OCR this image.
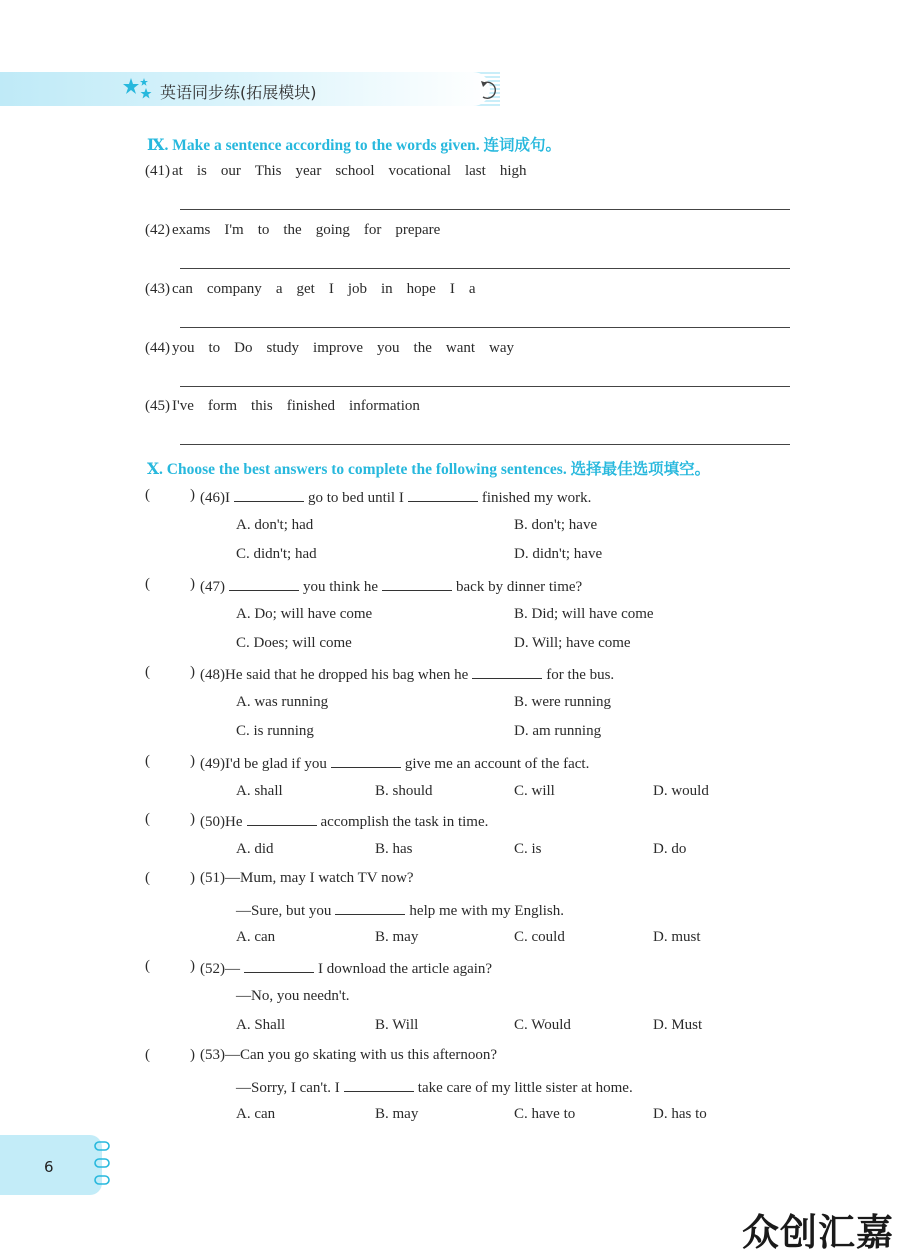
英语同步练(拓展模块)
Ⅸ. Make a sentence according to the words given. 连词成句。
(41) at is our This year school vocational last high
(42) exams I'm to the going for prepare
(43) can company a get I job in hope I a
(44) you to Do study improve you the want way
(45) I've form this finished information
Ⅹ. Choose the best answers to complete the following sentences. 选择最佳选项填空。
(	) (46)I	go to bed until I	finished my work.
A. don't; had	B. don't; have
C. didn't; had	D. didn't; have
(	) (47)	you think he	back by dinner time?
A. Do; will have come	B. Did; will have come
C. Does; will come	D. Will; have come
(	) (48)He said that he dropped his bag when he	for the bus.
A. was running	B. were running
C. is running	D. am running
(	) (49)I'd be glad if you	give me an account of the fact.
A. shall	B. should	C. will	D. would
(	) (50)He	accomplish the task in time.
A. did	B. has	C. is	D. do
(	) (51)—Mum, may I watch TV now?
—Sure, but you	help me with my English.
A. can	B. may	C. could	D. must
(	) (52)—	I download the article again?
—No, you needn't.
A. Shall	B. Will	C. Would	D. Must
(	) (53)—Can you go skating with us this afternoon?
—Sorry, I can't. I	take care of my little sister at home.
A. can	B. may	C. have to	D. has to
6
众创汇嘉
